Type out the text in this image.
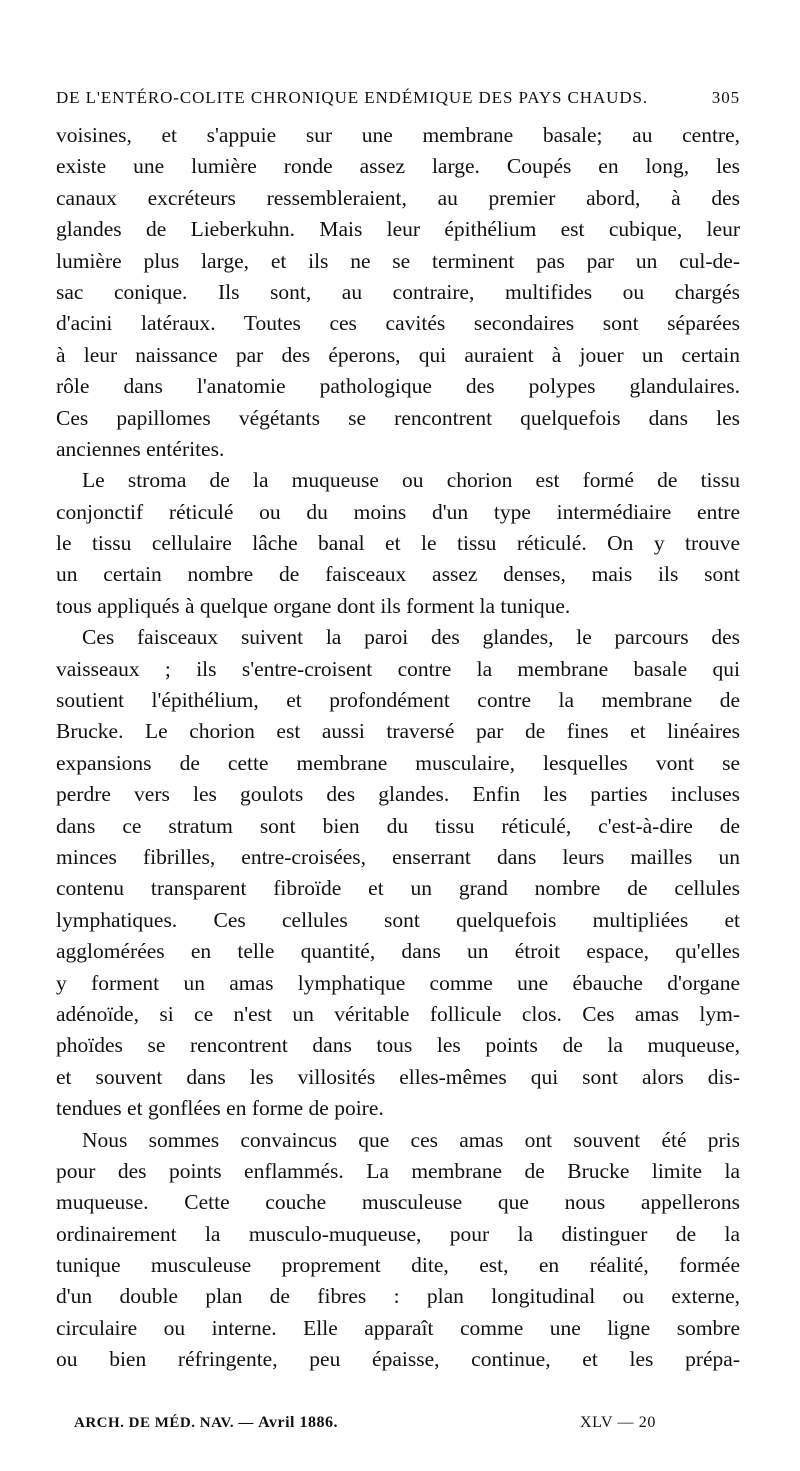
DE L'ENTÉRO-COLITE CHRONIQUE ENDÉMIQUE DES PAYS CHAUDS.	305

voisines, et s'appuie sur une membrane basale; au centre,

existe une lumière ronde assez large. Coupés en long, les

canaux excréteurs ressembleraient, au premier abord, à des

glandes de Lieberkuhn. Mais leur épithélium est cubique, leur

lumière plus large, et ils ne se terminent pas par un cul-de-

sac conique. Ils sont, au contraire, multifides ou chargés

d'acini latéraux. Toutes ces cavités secondaires sont séparées

à leur naissance par des éperons, qui auraient à jouer un certain

rôle dans l'anatomie pathologique des polypes glandulaires.

Ces papillomes végétants se rencontrent quelquefois dans les

anciennes entérites.

Le stroma de la muqueuse ou chorion est formé de tissu

conjonctif réticulé ou du moins d'un type intermédiaire entre

le tissu cellulaire lâche banal et le tissu réticulé. On y trouve

un certain nombre de faisceaux assez denses, mais ils sont

tous appliqués à quelque organe dont ils forment la tunique.

Ces faisceaux suivent la paroi des glandes, le parcours des

vaisseaux ; ils s'entre-croisent contre la membrane basale qui

soutient l'épithélium, et profondément contre la membrane de

Brucke. Le chorion est aussi traversé par de fines et linéaires

expansions de cette membrane musculaire, lesquelles vont se

perdre vers les goulots des glandes. Enfin les parties incluses

dans ce stratum sont bien du tissu réticulé, c'est-à-dire de

minces fibrilles, entre-croisées, enserrant dans leurs mailles un

contenu transparent fibroïde et un grand nombre de cellules

lymphatiques. Ces cellules sont quelquefois multipliées et

agglomérées en telle quantité, dans un étroit espace, qu'elles

y forment un amas lymphatique comme une ébauche d'organe

adénoïde, si ce n'est un véritable follicule clos. Ces amas lym-

phoïdes se rencontrent dans tous les points de la muqueuse,

et souvent dans les villosités elles-mêmes qui sont alors dis-

tendues et gonflées en forme de poire.

Nous sommes convaincus que ces amas ont souvent été pris

pour des points enflammés. La membrane de Brucke limite la

muqueuse. Cette couche musculeuse que nous appellerons

ordinairement la musculo-muqueuse, pour la distinguer de la

tunique musculeuse proprement dite, est, en réalité, formée

d'un double plan de fibres : plan longitudinal ou externe,

circulaire ou interne. Elle apparaît comme une ligne sombre

ou bien réfringente, peu épaisse, continue, et les prépa-

ARCH. DE MÉD. NAV. — Avril 1886.	XLV — 20
